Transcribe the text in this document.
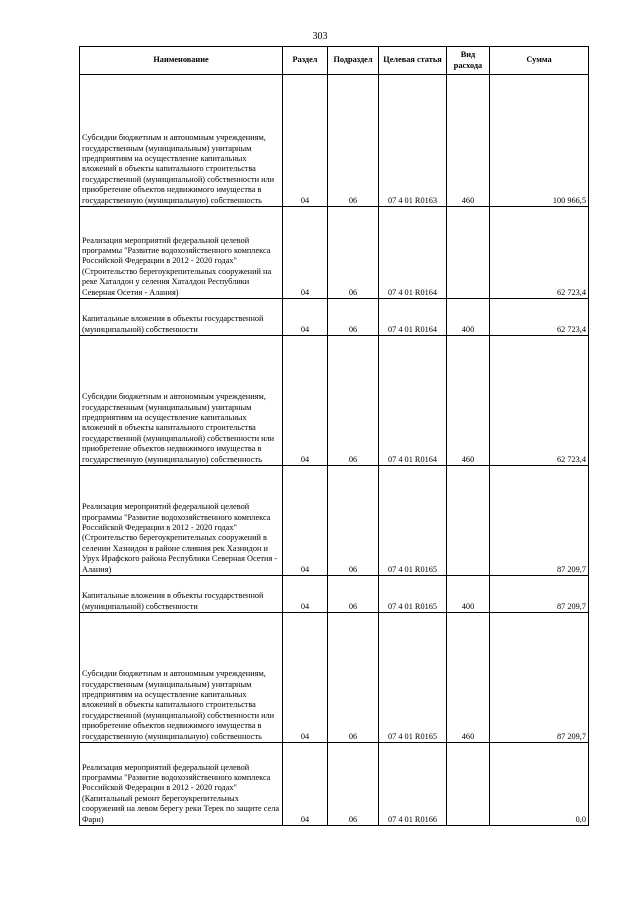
303
Наименование	Раздел	Подраздел	Целевая статья	Вид расхода	Сумма
Субсидии бюджетным и автономным учреждениям, государственным (муниципальным) унитарным предприятиям на осуществление капитальных вложений в объекты капитального строительства государственной (муниципальной) собственности или приобретение объектов недвижимого имущества в государственную (муниципальную) собственность	04	06	07 4 01 R0163	460	100 966,5
Реализация мероприятий федеральной целевой программы "Развитие водохозяйственного комплекса Российской Федерации в 2012 - 2020 годах" (Строительство берегоукрепительных сооружений на реке Хаталдон у селения Хаталдон Республики Северная Осетия - Алания)	04	06	07 4 01 R0164		62 723,4
Капитальные вложения в объекты государственной (муниципальной) собственности	04	06	07 4 01 R0164	400	62 723,4
Субсидии бюджетным и автономным учреждениям, государственным (муниципальным) унитарным предприятиям на осуществление капитальных вложений в объекты капитального строительства государственной (муниципальной) собственности или приобретение объектов недвижимого имущества в государственную (муниципальную) собственность	04	06	07 4 01 R0164	460	62 723,4
Реализация мероприятий федеральной целевой программы "Развитие водохозяйственного комплекса Российской Федерации в 2012 - 2020 годах" (Строительство берегоукрепительных сооружений в селении Хазнидон в районе слияния рек Хазнидон и Урух Ирафского района Республики Северная Осетия - Алания)	04	06	07 4 01 R0165		87 209,7
Капитальные вложения в объекты государственной (муниципальной) собственности	04	06	07 4 01 R0165	400	87 209,7
Субсидии бюджетным и автономным учреждениям, государственным (муниципальным) унитарным предприятиям на осуществление капитальных вложений в объекты капитального строительства государственной (муниципальной) собственности или приобретение объектов недвижимого имущества в государственную (муниципальную) собственность	04	06	07 4 01 R0165	460	87 209,7
Реализация мероприятий федеральной целевой программы "Развитие водохозяйственного комплекса Российской Федерации в 2012 - 2020 годах" (Капитальный ремонт берегоукрепительных сооружений на левом берегу реки Терек по защите села Фарн)	04	06	07 4 01 R0166		0,0
